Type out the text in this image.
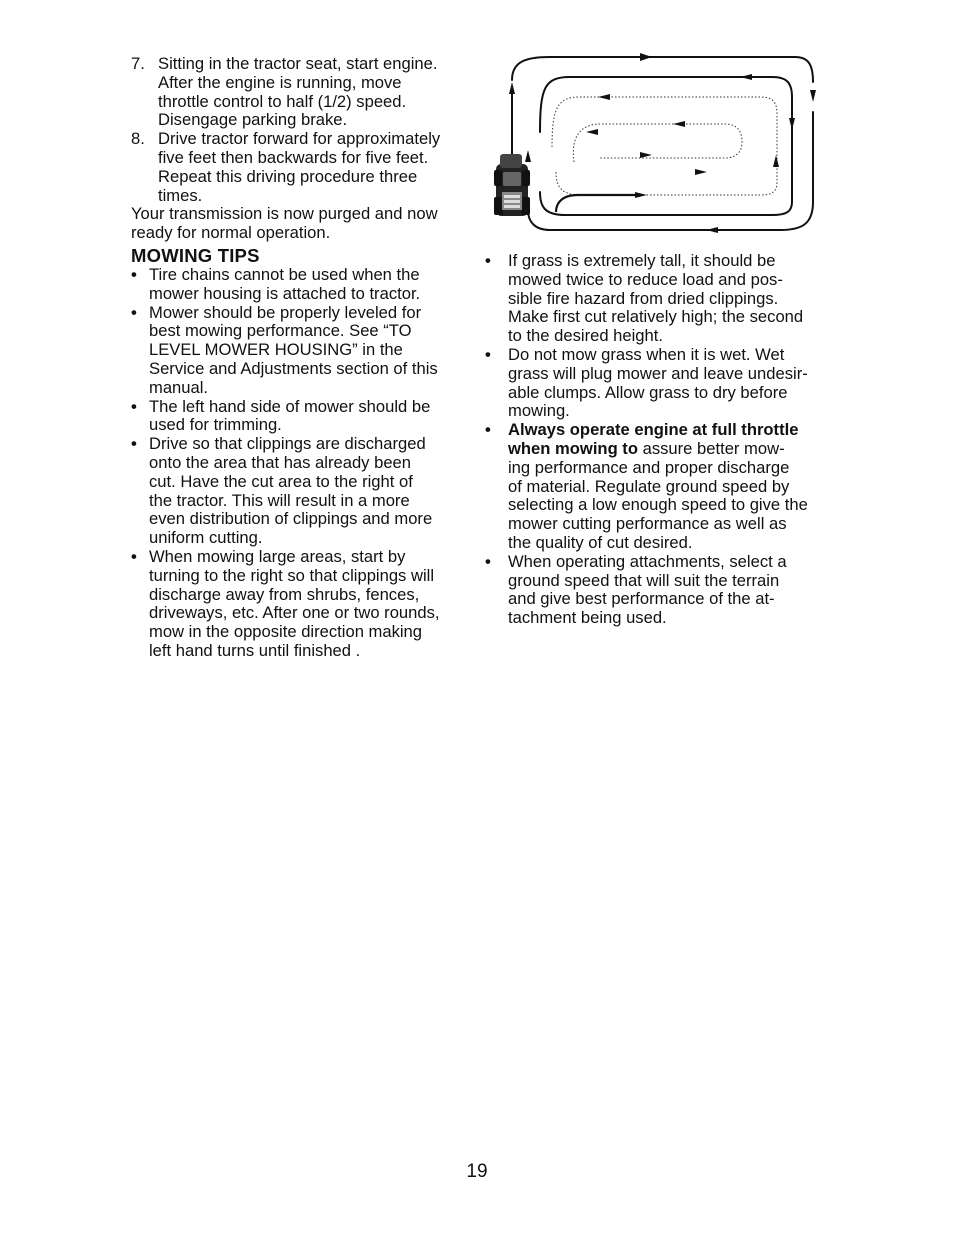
7. Sitting in the tractor seat, start engine.
After the engine is running, move
throttle control to half (1/2) speed.
Disengage parking brake.
8. Drive tractor forward for approximately
five feet then backwards for five feet.
Repeat this driving procedure three
times.
Your transmission is now purged and now
ready for normal operation.
MOWING TIPS
• Tire chains cannot be used when the
mower housing is attached to tractor.
• Mower should be properly leveled for
best mowing performance. See “TO
LEVEL MOWER HOUSING” in the
Service and Adjustments section of this
manual.
• The left hand side of mower should be
used for trimming.
• Drive so that clippings are discharged
onto the area that has already been
cut. Have the cut area to the right of
the tractor. This will result in a more
even distribution of clippings and more
uniform cutting.
• When mowing large areas, start by
turning to the right so that clippings will
discharge away from shrubs, fences,
driveways, etc. After one or two rounds,
mow in the opposite direction making
left hand turns until finished .
• If grass is extremely tall, it should be
mowed twice to reduce load and pos-
sible fire hazard from dried clippings.
Make first cut relatively high; the second
to the desired height.
• Do not mow grass when it is wet. Wet
grass will plug mower and leave undesir-
able clumps. Allow grass to dry before
mowing.
• Always operate engine at full throttle
when mowing to assure better mow-
ing performance and proper discharge
of material. Regulate ground speed by
selecting a low enough speed to give the
mower cutting performance as well as
the quality of cut desired.
• When operating attachments, select a
ground speed that will suit the terrain
and give best performance of the at-
tachment being used.
19
